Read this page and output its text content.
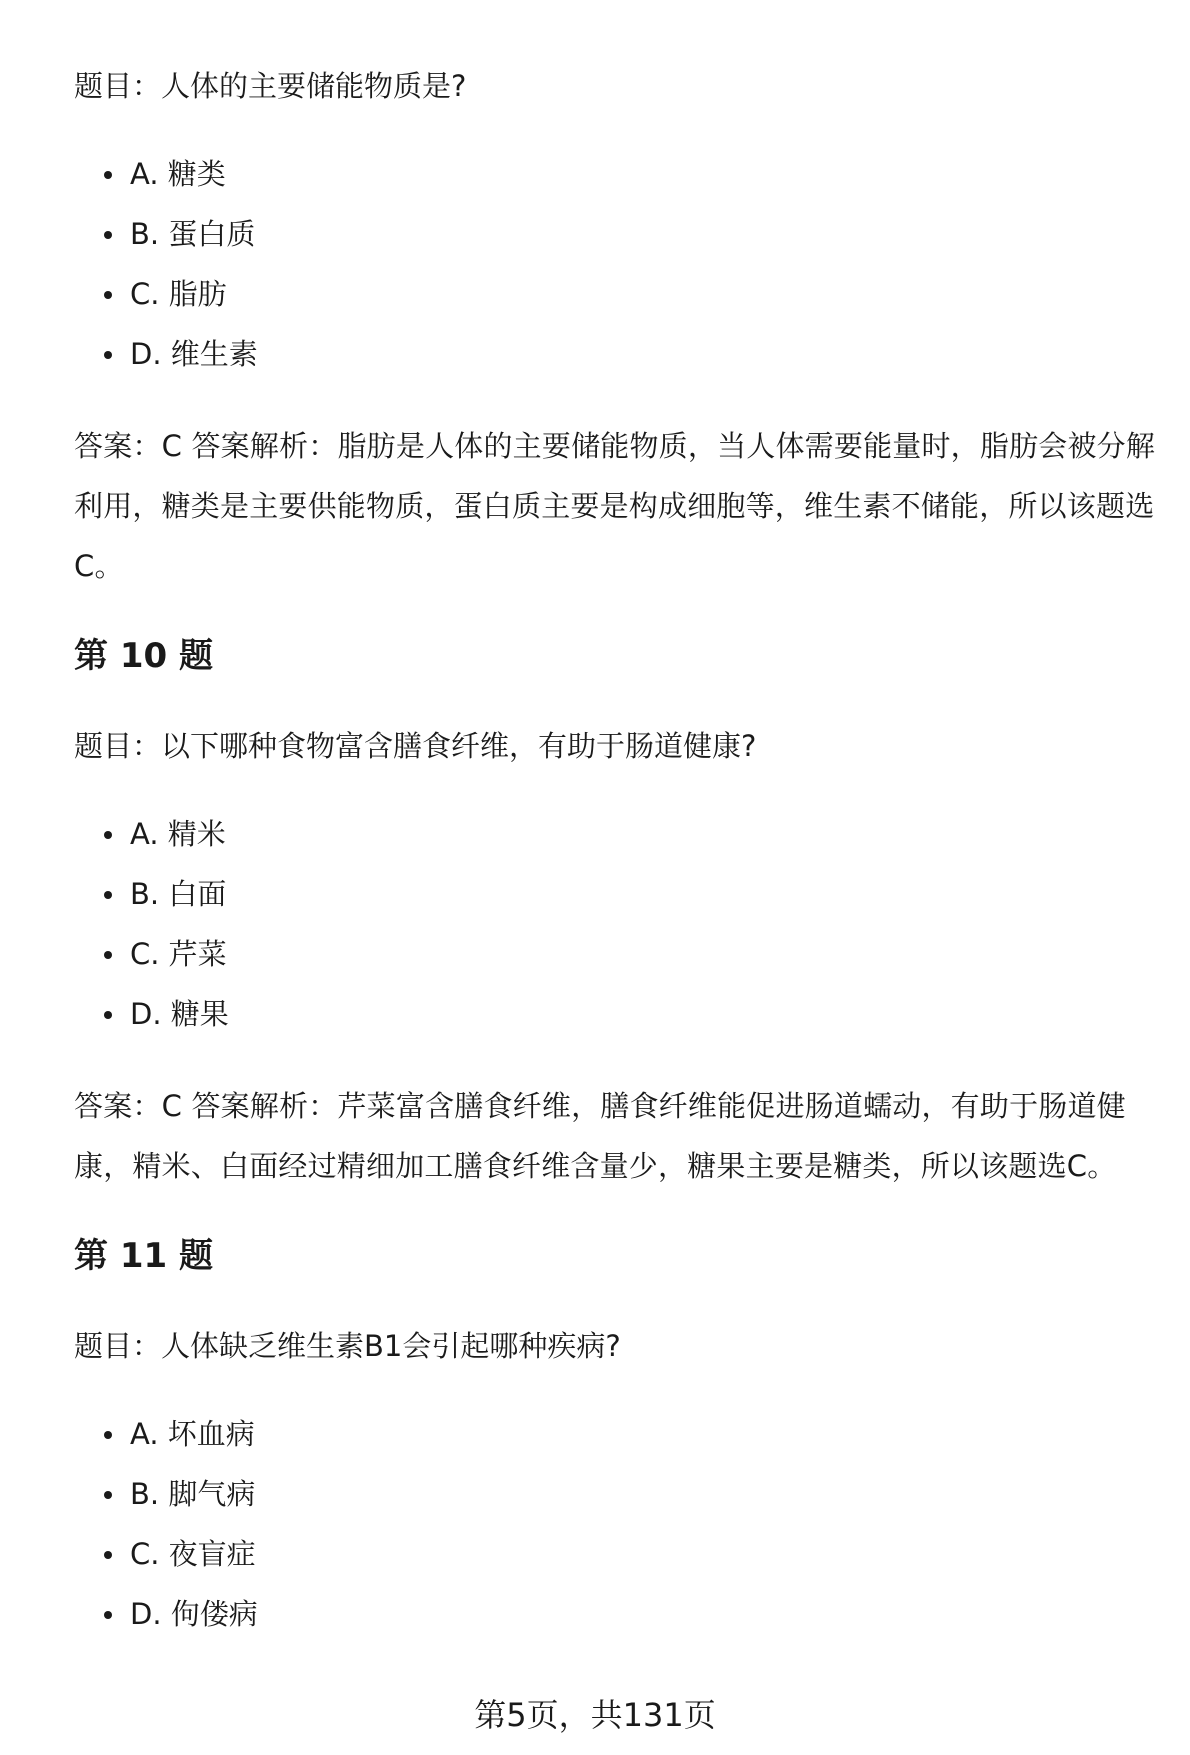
题目：人体的主要储能物质是?

A. 糖类
B. 蛋白质
C. 脂肪
D. 维生素

答案：C 答案解析：脂肪是人体的主要储能物质，当人体需要能量时，脂肪会被分解利用，糖类是主要供能物质，蛋白质主要是构成细胞等，维生素不储能，所以该题选C。

第 10 题

题目：以下哪种食物富含膳食纤维，有助于肠道健康?

A. 精米
B. 白面
C. 芹菜
D. 糖果

答案：C 答案解析：芹菜富含膳食纤维，膳食纤维能促进肠道蠕动，有助于肠道健康，精米、白面经过精细加工膳食纤维含量少，糖果主要是糖类，所以该题选C。

第 11 题

题目：人体缺乏维生素B1会引起哪种疾病?

A. 坏血病
B. 脚气病
C. 夜盲症
D. 佝偻病
第5页，共131页
